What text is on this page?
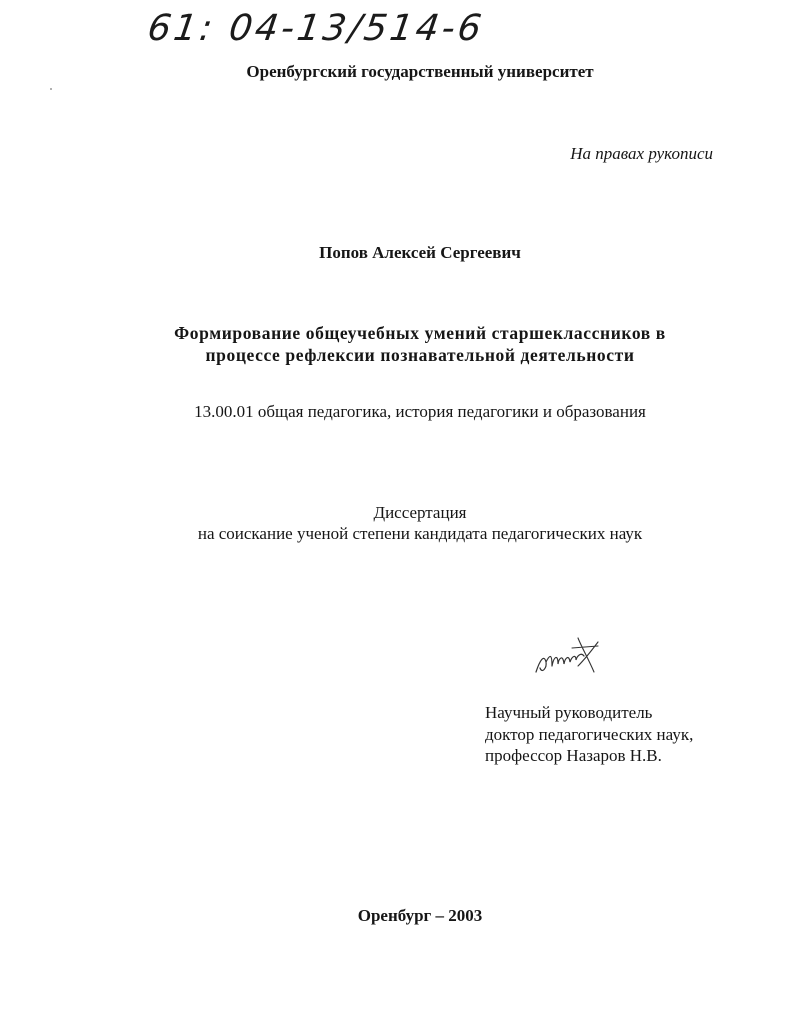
61: 04-13/514-6
Оренбургский государственный университет
На правах рукописи
Попов Алексей Сергеевич
Формирование общеучебных умений старшеклассников в
процессе рефлексии познавательной деятельности
13.00.01 общая педагогика, история педагогики и образования
Диссертация
на соискание ученой степени кандидата педагогических наук
Научный руководитель
доктор педагогических наук,
профессор Назаров Н.В.
Оренбург – 2003
